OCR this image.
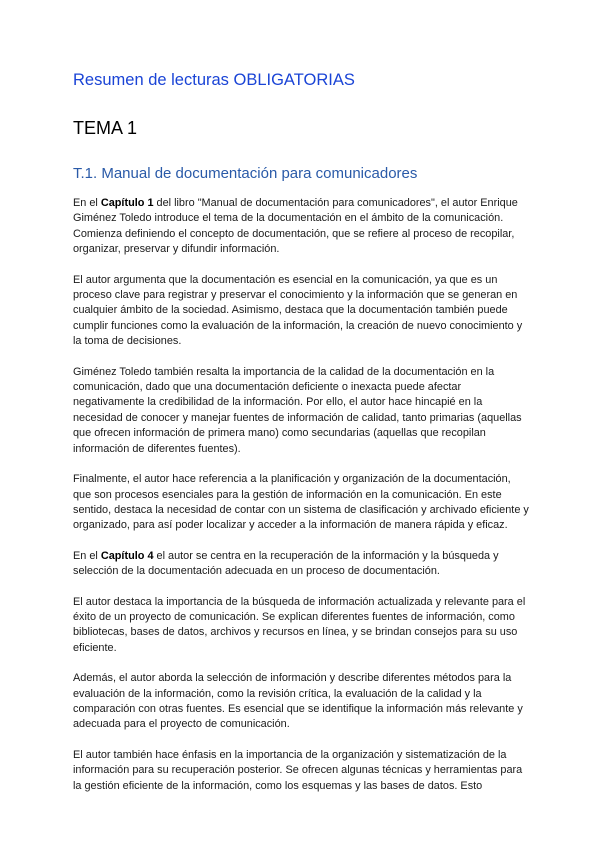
Resumen de lecturas OBLIGATORIAS
TEMA 1
T.1. Manual de documentación para comunicadores

En el Capítulo 1 del libro "Manual de documentación para comunicadores", el autor Enrique Giménez Toledo introduce el tema de la documentación en el ámbito de la comunicación. Comienza definiendo el concepto de documentación, que se refiere al proceso de recopilar, organizar, preservar y difundir información.

El autor argumenta que la documentación es esencial en la comunicación, ya que es un proceso clave para registrar y preservar el conocimiento y la información que se generan en cualquier ámbito de la sociedad. Asimismo, destaca que la documentación también puede cumplir funciones como la evaluación de la información, la creación de nuevo conocimiento y la toma de decisiones.

Giménez Toledo también resalta la importancia de la calidad de la documentación en la comunicación, dado que una documentación deficiente o inexacta puede afectar negativamente la credibilidad de la información. Por ello, el autor hace hincapié en la necesidad de conocer y manejar fuentes de información de calidad, tanto primarias (aquellas que ofrecen información de primera mano) como secundarias (aquellas que recopilan información de diferentes fuentes).

Finalmente, el autor hace referencia a la planificación y organización de la documentación, que son procesos esenciales para la gestión de información en la comunicación. En este sentido, destaca la necesidad de contar con un sistema de clasificación y archivado eficiente y organizado, para así poder localizar y acceder a la información de manera rápida y eficaz.

En el Capítulo 4 el autor se centra en la recuperación de la información y la búsqueda y selección de la documentación adecuada en un proceso de documentación.

El autor destaca la importancia de la búsqueda de información actualizada y relevante para el éxito de un proyecto de comunicación. Se explican diferentes fuentes de información, como bibliotecas, bases de datos, archivos y recursos en línea, y se brindan consejos para su uso eficiente.

Además, el autor aborda la selección de información y describe diferentes métodos para la evaluación de la información, como la revisión crítica, la evaluación de la calidad y la comparación con otras fuentes. Es esencial que se identifique la información más relevante y adecuada para el proyecto de comunicación.

El autor también hace énfasis en la importancia de la organización y sistematización de la información para su recuperación posterior. Se ofrecen algunas técnicas y herramientas para la gestión eficiente de la información, como los esquemas y las bases de datos. Esto
